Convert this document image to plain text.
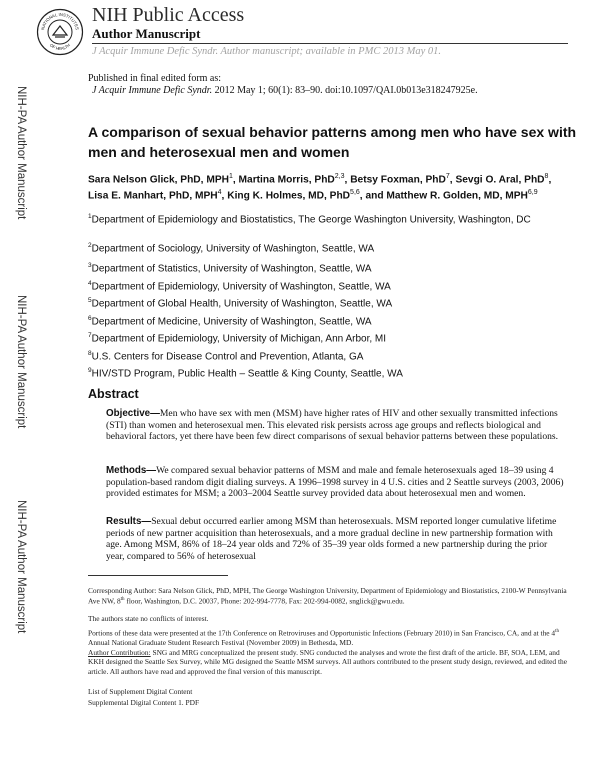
NATIONAL INSTITUTES
OF HEALTH
NIH Public Access
Author Manuscript
J Acquir Immune Defic Syndr. Author manuscript; available in PMC 2013 May 01.
Published in final edited form as:
J Acquir Immune Defic Syndr. 2012 May 1; 60(1): 83–90. doi:10.1097/QAI.0b013e318247925e.
NIH-PA Author Manuscript
NIH-PA Author Manuscript
NIH-PA Author Manuscript
A comparison of sexual behavior patterns among men who have sex with men and heterosexual men and women
Sara Nelson Glick, PhD, MPH$^1$, Martina Morris, PhD$^{2,3}$, Betsy Foxman, PhD$^7$, Sevgi O. Aral, PhD$^8$, Lisa E. Manhart, PhD, MPH$^4$, King K. Holmes, MD, PhD$^{5,6}$, and Matthew R. Golden, MD, MPH$^{6,9}$
$^1$Department of Epidemiology and Biostatistics, The George Washington University, Washington, DC
$^2$Department of Sociology, University of Washington, Seattle, WA
$^3$Department of Statistics, University of Washington, Seattle, WA
$^4$Department of Epidemiology, University of Washington, Seattle, WA
$^5$Department of Global Health, University of Washington, Seattle, WA
$^6$Department of Medicine, University of Washington, Seattle, WA
$^7$Department of Epidemiology, University of Michigan, Ann Arbor, MI
$^8$U.S. Centers for Disease Control and Prevention, Atlanta, GA
$^9$HIV/STD Program, Public Health – Seattle & King County, Seattle, WA
Abstract
Objective—Men who have sex with men (MSM) have higher rates of HIV and other sexually transmitted infections (STI) than women and heterosexual men. This elevated risk persists across age groups and reflects biological and behavioral factors, yet there have been few direct comparisons of sexual behavior patterns between these populations.
Methods—We compared sexual behavior patterns of MSM and male and female heterosexuals aged 18–39 using 4 population-based random digit dialing surveys. A 1996–1998 survey in 4 U.S. cities and 2 Seattle surveys (2003, 2006) provided estimates for MSM; a 2003–2004 Seattle survey provided data about heterosexual men and women.
Results—Sexual debut occurred earlier among MSM than heterosexuals. MSM reported longer cumulative lifetime periods of new partner acquisition than heterosexuals, and a more gradual decline in new partnership formation with age. Among MSM, 86% of 18–24 year olds and 72% of 35–39 year olds formed a new partnership during the prior year, compared to 56% of heterosexual
Corresponding Author: Sara Nelson Glick, PhD, MPH, The George Washington University, Department of Epidemiology and Biostatistics, 2100-W Pennsylvania Ave NW, 8th floor, Washington, D.C. 20037, Phone: 202-994-7778, Fax: 202-994-0082, snglick@gwu.edu.
The authors state no conflicts of interest.
Portions of these data were presented at the 17th Conference on Retroviruses and Opportunistic Infections (February 2010) in San Francisco, CA, and at the 4th Annual National Graduate Student Research Festival (November 2009) in Bethesda, MD.
Author Contribution: SNG and MRG conceptualized the present study. SNG conducted the analyses and wrote the first draft of the article. BF, SOA, LEM, and KKH designed the Seattle Sex Survey, while MG designed the Seattle MSM surveys. All authors contributed to the present study design, reviewed, and edited the article. All authors have read and approved the final version of this manuscript.
List of Supplement Digital Content
Supplemental Digital Content 1. PDF
